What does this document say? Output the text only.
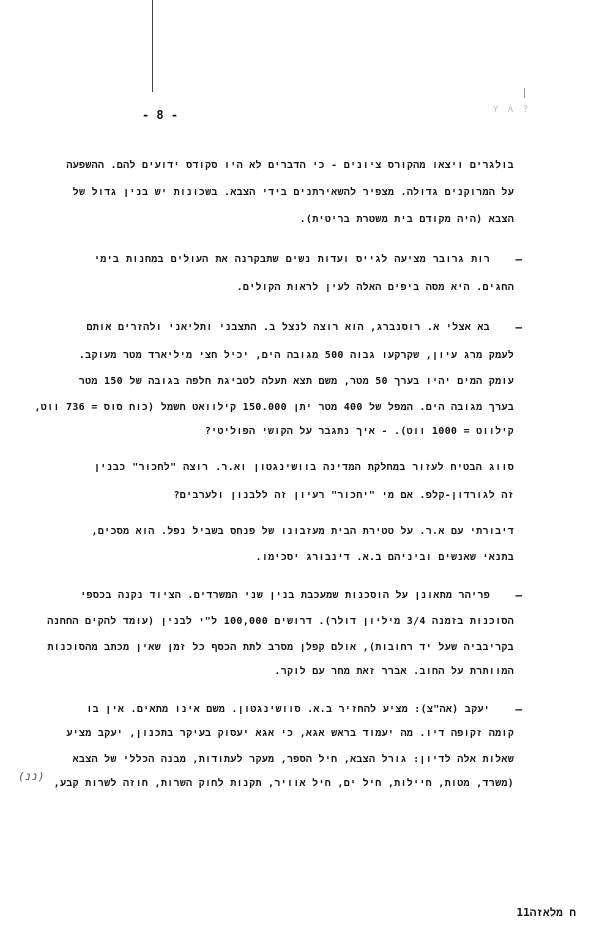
Y A ?
- 8 -
בולגרים ויצאו מהקורס ציונים - כי הדברים לא היו סקודס ידועים להם. ההשפעה
על המרוקנים גדולה. מצפיר להשאירתנים בידי הצבא. בשכונות יש בנין גדול של
הצבא (היה מקודם בית משטרת בריטית).
–
רות גרובר מציעה לגייס ועדות נשים שתבקרנה את העולים במחנות בימי
החגים. היא מסה ביפים האלה לעין לראות הקולים.
–
בא אצלי א. רוסנברג, הוא רוצה לנצל ב. התצבני ותליאני ולהזרים אותם
לעמק מרג עיון, שקרקעו גבוה 500 מגובה הים, יכיל חצי מיליארד מטר מעוקב.
עומק המים יהיו בערך 50 מטר, משם תצא תעלה לטביגת חלפה בגובה של 150 מטר
בערך מגובה הים. המפל של 400 מטר יתן 150.000 קילוואט חשמל (כוח סוס = 736 ווט,
קילווט = 1000 ווט). - איך נתגבר על הקושי הפוליטי?
סווג הבטיח לעזור במחלקת המדינה בוושינגטון וא.ר. רוצה "לחכור" כבנין
זה לגורדון-קלפ. אם מי "יחכור" רעיון זה ללבנון ולערבים?
דיבורתי עם א.ר. על טטירת הבית מעזבונו של פנחס בשביל נפל. הוא מסכים,
בתנאי שאנשים וביניהם ב.א. דינבורג יסכימו.
–
פריהר מתאונן על הוסכנות שמעכבת בנין שני המשרדים. הציוד נקנה בכספי
הסוכנות בזמנה 3/4 מיליון דולר). דרושים 100,000 ל"י לבנין (עומד להקים החחנה
בקריבביה שעל יד רחובות), אולם קפלן מסרב לתת הכסף כל זמן שאין מכתב מהסוכנות
המוותרת על החוב. אברר זאת מחר עם לוקר.
–
יעקב (אה"צ): מציע להחזיר ב.א. סוושינגטון. משם אינו מתאים. אין בו
קומה זקופה דיו. מה יעמוד בראש אגא, כי אגא יעסוק בעיקר בתכנון, יעקב מציע
שאלות אלה לדיון: גורל הצבא, חיל הספר, מעקר לעתודות, מבנה הכללי של הצבא
(משרד, מטות, חיילות, חיל ים, חיל אוויר, תקנות לחוק השרות, חוזה לשרות קבע,
(ננ)
11ח מלאזה
